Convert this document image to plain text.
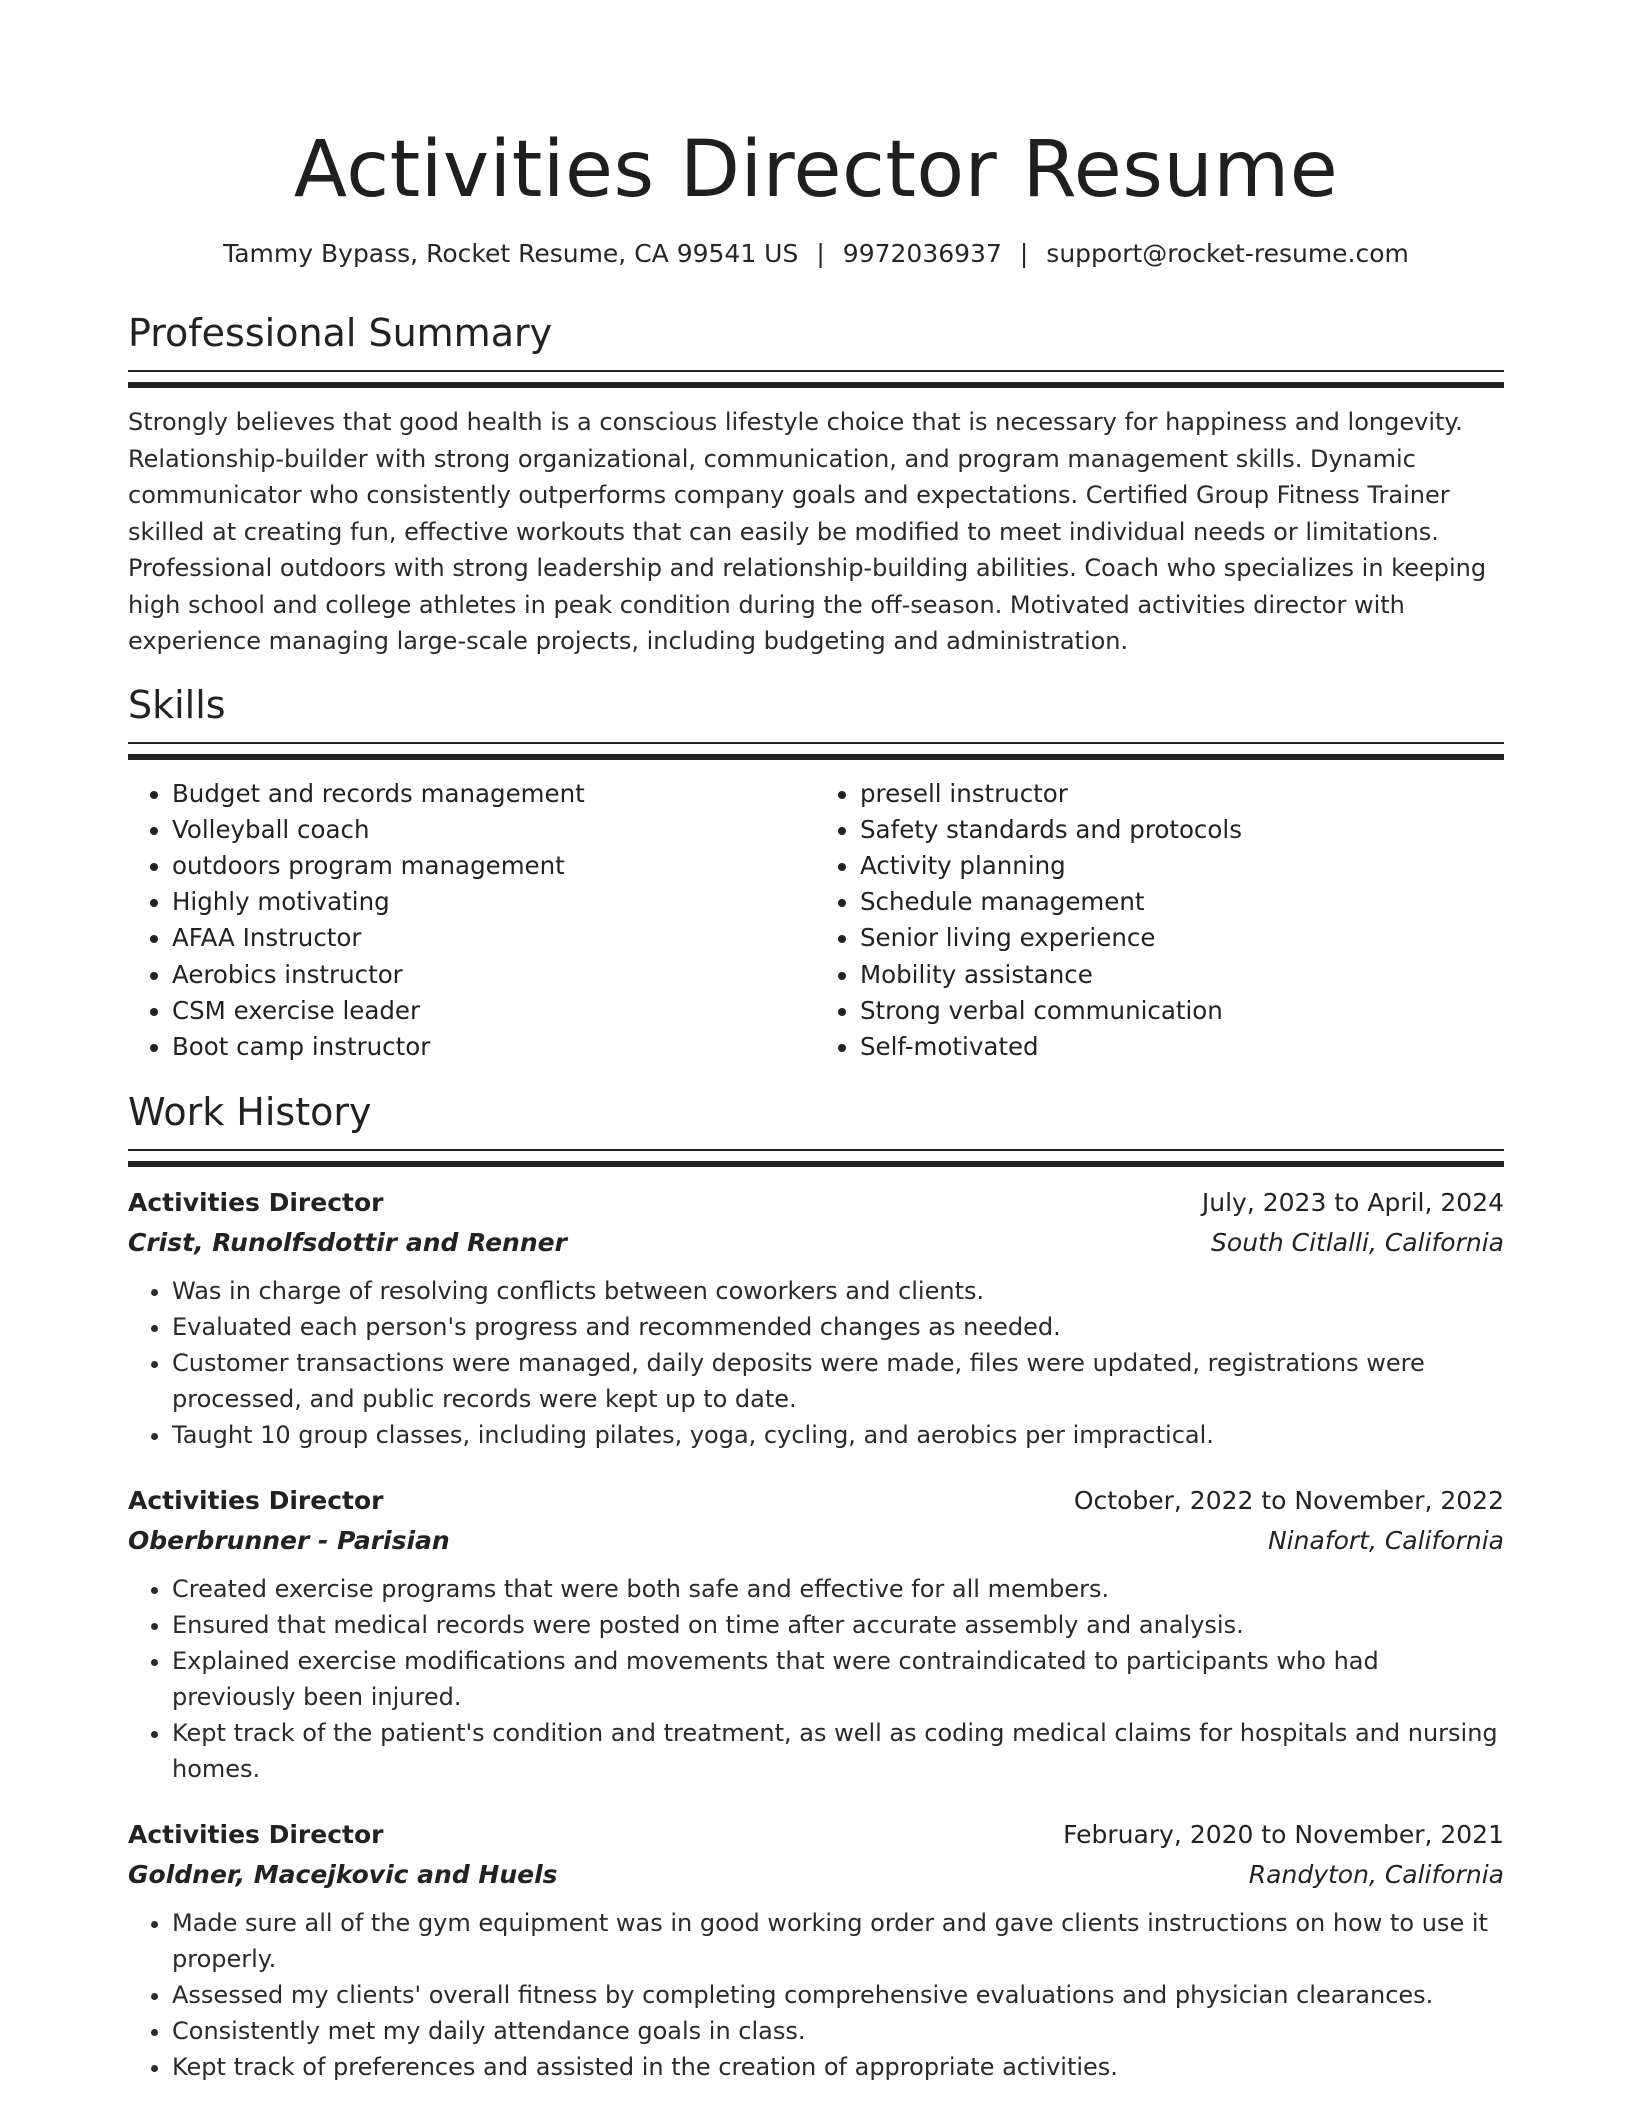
Activities Director Resume
Tammy Bypass, Rocket Resume, CA 99541 US | 9972036937 | support@rocket-resume.com
Professional Summary

Strongly believes that good health is a conscious lifestyle choice that is necessary for happiness and longevity. Relationship-builder with strong organizational, communication, and program management skills. Dynamic communicator who consistently outperforms company goals and expectations. Certified Group Fitness Trainer skilled at creating fun, effective workouts that can easily be modified to meet individual needs or limitations. Professional outdoors with strong leadership and relationship-building abilities. Coach who specializes in keeping high school and college athletes in peak condition during the off-season. Motivated activities director with experience managing large-scale projects, including budgeting and administration.

Skills
• Budget and records management
• Volleyball coach
• outdoors program management
• Highly motivating
• AFAA Instructor
• Aerobics instructor
• CSM exercise leader
• Boot camp instructor
• presell instructor
• Safety standards and protocols
• Activity planning
• Schedule management
• Senior living experience
• Mobility assistance
• Strong verbal communication
• Self-motivated
Work History
Activities Director	July, 2023 to April, 2024
Crist, Runolfsdottir and Renner	South Citlalli, California
• Was in charge of resolving conflicts between coworkers and clients.
• Evaluated each person's progress and recommended changes as needed.
• Customer transactions were managed, daily deposits were made, files were updated, registrations were processed, and public records were kept up to date.
• Taught 10 group classes, including pilates, yoga, cycling, and aerobics per impractical.
Activities Director	October, 2022 to November, 2022
Oberbrunner - Parisian	Ninafort, California
• Created exercise programs that were both safe and effective for all members.
• Ensured that medical records were posted on time after accurate assembly and analysis.
• Explained exercise modifications and movements that were contraindicated to participants who had previously been injured.
• Kept track of the patient's condition and treatment, as well as coding medical claims for hospitals and nursing homes.
Activities Director	February, 2020 to November, 2021
Goldner, Macejkovic and Huels	Randyton, California
• Made sure all of the gym equipment was in good working order and gave clients instructions on how to use it properly.
• Assessed my clients' overall fitness by completing comprehensive evaluations and physician clearances.
• Consistently met my daily attendance goals in class.
• Kept track of preferences and assisted in the creation of appropriate activities.
